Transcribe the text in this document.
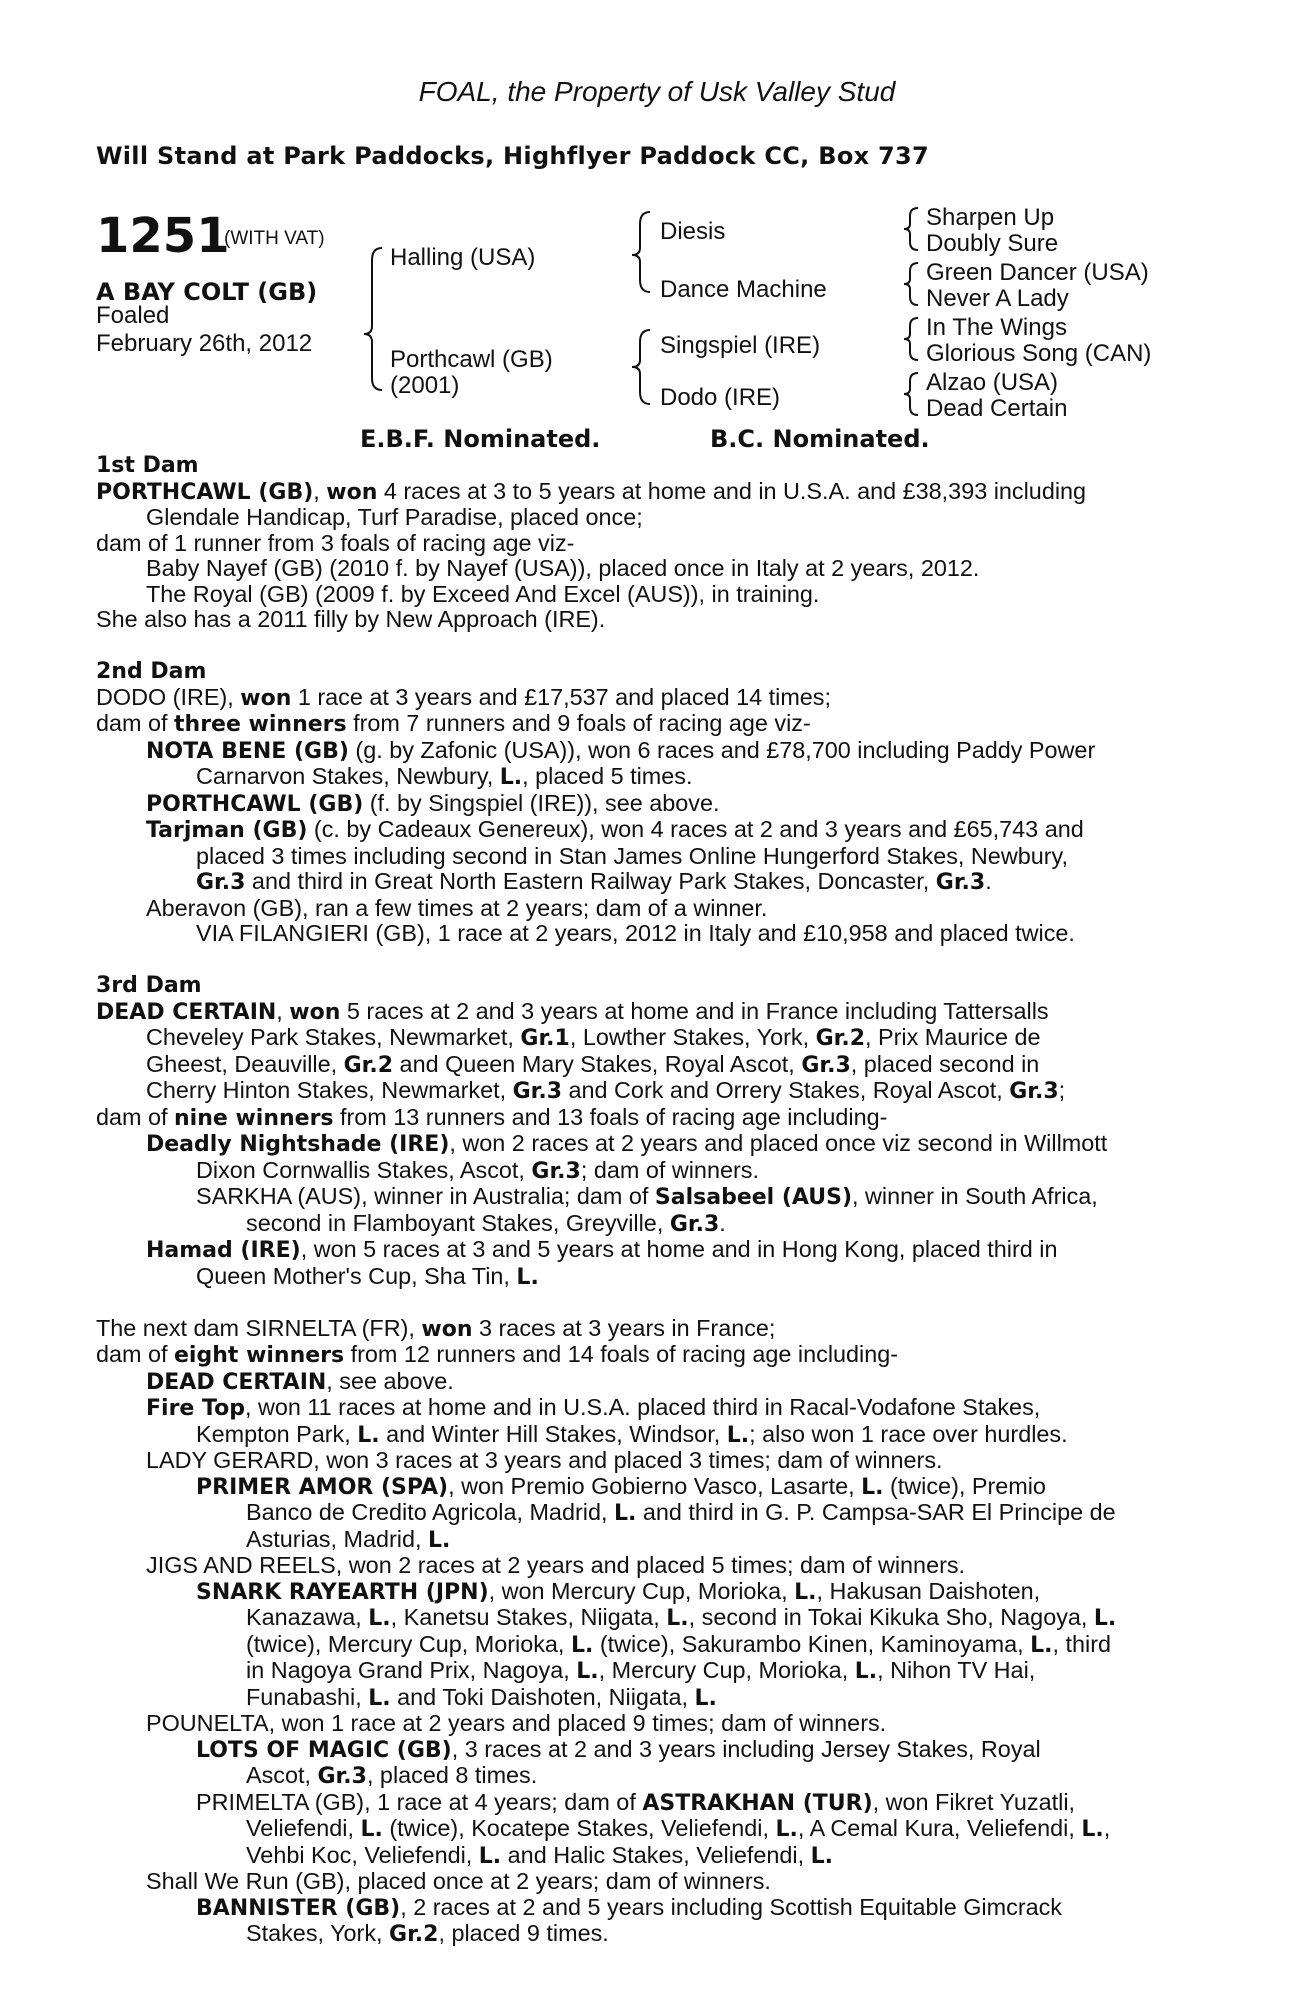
FOAL, the Property of Usk Valley Stud
Will Stand at Park Paddocks, Highflyer Paddock CC, Box 737
1251
(WITH VAT)
A BAY COLT (GB)
Foaled
February 26th, 2012
Halling (USA)
Porthcawl (GB)
(2001)
Diesis
Dance Machine
Singspiel (IRE)
Dodo (IRE)
Sharpen Up
Doubly Sure
Green Dancer (USA)
Never A Lady
In The Wings
Glorious Song (CAN)
Alzao (USA)
Dead Certain
E.B.F. Nominated.	B.C. Nominated.
1st Dam
PORTHCAWL (GB), won 4 races at 3 to 5 years at home and in U.S.A. and £38,393 including
Glendale Handicap, Turf Paradise, placed once;
dam of 1 runner from 3 foals of racing age viz-
Baby Nayef (GB) (2010 f. by Nayef (USA)), placed once in Italy at 2 years, 2012.
The Royal (GB) (2009 f. by Exceed And Excel (AUS)), in training.
She also has a 2011 filly by New Approach (IRE).
2nd Dam
DODO (IRE), won 1 race at 3 years and £17,537 and placed 14 times;
dam of three winners from 7 runners and 9 foals of racing age viz-
NOTA BENE (GB) (g. by Zafonic (USA)), won 6 races and £78,700 including Paddy Power
Carnarvon Stakes, Newbury, L., placed 5 times.
PORTHCAWL (GB) (f. by Singspiel (IRE)), see above.
Tarjman (GB) (c. by Cadeaux Genereux), won 4 races at 2 and 3 years and £65,743 and
placed 3 times including second in Stan James Online Hungerford Stakes, Newbury,
Gr.3 and third in Great North Eastern Railway Park Stakes, Doncaster, Gr.3.
Aberavon (GB), ran a few times at 2 years; dam of a winner.
VIA FILANGIERI (GB), 1 race at 2 years, 2012 in Italy and £10,958 and placed twice.
3rd Dam
DEAD CERTAIN, won 5 races at 2 and 3 years at home and in France including Tattersalls
Cheveley Park Stakes, Newmarket, Gr.1, Lowther Stakes, York, Gr.2, Prix Maurice de
Gheest, Deauville, Gr.2 and Queen Mary Stakes, Royal Ascot, Gr.3, placed second in
Cherry Hinton Stakes, Newmarket, Gr.3 and Cork and Orrery Stakes, Royal Ascot, Gr.3;
dam of nine winners from 13 runners and 13 foals of racing age including-
Deadly Nightshade (IRE), won 2 races at 2 years and placed once viz second in Willmott
Dixon Cornwallis Stakes, Ascot, Gr.3; dam of winners.
SARKHA (AUS), winner in Australia; dam of Salsabeel (AUS), winner in South Africa,
second in Flamboyant Stakes, Greyville, Gr.3.
Hamad (IRE), won 5 races at 3 and 5 years at home and in Hong Kong, placed third in
Queen Mother's Cup, Sha Tin, L.
The next dam SIRNELTA (FR), won 3 races at 3 years in France;
dam of eight winners from 12 runners and 14 foals of racing age including-
DEAD CERTAIN, see above.
Fire Top, won 11 races at home and in U.S.A. placed third in Racal-Vodafone Stakes,
Kempton Park, L. and Winter Hill Stakes, Windsor, L.; also won 1 race over hurdles.
LADY GERARD, won 3 races at 3 years and placed 3 times; dam of winners.
PRIMER AMOR (SPA), won Premio Gobierno Vasco, Lasarte, L. (twice), Premio
Banco de Credito Agricola, Madrid, L. and third in G. P. Campsa-SAR El Principe de
Asturias, Madrid, L.
JIGS AND REELS, won 2 races at 2 years and placed 5 times; dam of winners.
SNARK RAYEARTH (JPN), won Mercury Cup, Morioka, L., Hakusan Daishoten,
Kanazawa, L., Kanetsu Stakes, Niigata, L., second in Tokai Kikuka Sho, Nagoya, L.
(twice), Mercury Cup, Morioka, L. (twice), Sakurambo Kinen, Kaminoyama, L., third
in Nagoya Grand Prix, Nagoya, L., Mercury Cup, Morioka, L., Nihon TV Hai,
Funabashi, L. and Toki Daishoten, Niigata, L.
POUNELTA, won 1 race at 2 years and placed 9 times; dam of winners.
LOTS OF MAGIC (GB), 3 races at 2 and 3 years including Jersey Stakes, Royal
Ascot, Gr.3, placed 8 times.
PRIMELTA (GB), 1 race at 4 years; dam of ASTRAKHAN (TUR), won Fikret Yuzatli,
Veliefendi, L. (twice), Kocatepe Stakes, Veliefendi, L., A Cemal Kura, Veliefendi, L.,
Vehbi Koc, Veliefendi, L. and Halic Stakes, Veliefendi, L.
Shall We Run (GB), placed once at 2 years; dam of winners.
BANNISTER (GB), 2 races at 2 and 5 years including Scottish Equitable Gimcrack
Stakes, York, Gr.2, placed 9 times.
